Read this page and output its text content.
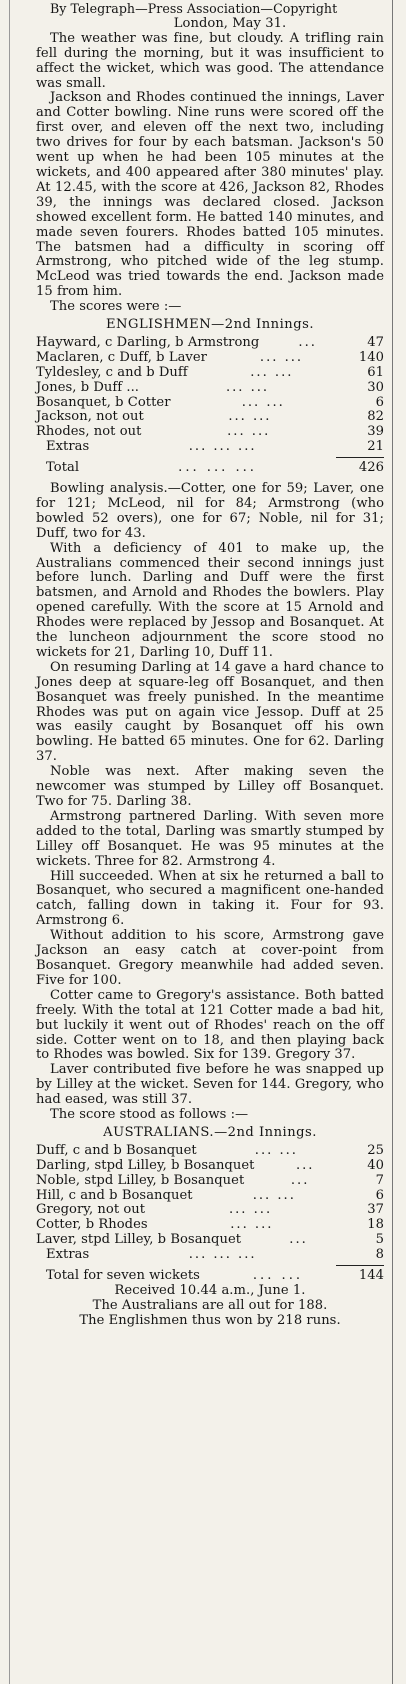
By Telegraph—Press Association—Copyright
London, May 31.

The weather was fine, but cloudy. A trifling rain fell during the morning, but it was insufficient to affect the wicket, which was good. The attendance was small.

Jackson and Rhodes continued the innings, Laver and Cotter bowling. Nine runs were scored off the first over, and eleven off the next two, including two drives for four by each batsman. Jackson's 50 went up when he had been 105 minutes at the wickets, and 400 appeared after 380 minutes' play. At 12.45, with the score at 426, Jackson 82, Rhodes 39, the innings was declared closed. Jackson showed excellent form. He batted 140 minutes, and made seven fourers. Rhodes batted 105 minutes. The batsmen had a difficulty in scoring off Armstrong, who pitched wide of the leg stump. McLeod was tried towards the end. Jackson made 15 from him.

The scores were :—

ENGLISHMEN—2nd Innings.
Hayward, c Darling, b Armstrong	...	47
Maclaren, c Duff, b Laver	... ...	140
Tyldesley, c and b Duff	... ...	61
Jones, b Duff ...	... ...	30
Bosanquet, b Cotter	... ...	6
Jackson, not out	... ...	82
Rhodes, not out	... ...	39
Extras	... ... ...	21
Total	... ... ...	426

Bowling analysis.—Cotter, one for 59; Laver, one for 121; McLeod, nil for 84; Armstrong (who bowled 52 overs), one for 67; Noble, nil for 31; Duff, two for 43.

With a deficiency of 401 to make up, the Australians commenced their second innings just before lunch. Darling and Duff were the first batsmen, and Arnold and Rhodes the bowlers. Play opened carefully. With the score at 15 Arnold and Rhodes were replaced by Jessop and Bosanquet. At the luncheon adjournment the score stood no wickets for 21, Darling 10, Duff 11.

On resuming Darling at 14 gave a hard chance to Jones deep at square-leg off Bosanquet, and then Bosanquet was freely punished. In the meantime Rhodes was put on again vice Jessop. Duff at 25 was easily caught by Bosanquet off his own bowling. He batted 65 minutes. One for 62. Darling 37.

Noble was next. After making seven the newcomer was stumped by Lilley off Bosanquet. Two for 75. Darling 38.

Armstrong partnered Darling. With seven more added to the total, Darling was smartly stumped by Lilley off Bosanquet. He was 95 minutes at the wickets. Three for 82. Armstrong 4.

Hill succeeded. When at six he returned a ball to Bosanquet, who secured a magnificent one-handed catch, falling down in taking it. Four for 93. Armstrong 6.

Without addition to his score, Armstrong gave Jackson an easy catch at cover-point from Bosanquet. Gregory meanwhile had added seven. Five for 100.

Cotter came to Gregory's assistance. Both batted freely. With the total at 121 Cotter made a bad hit, but luckily it went out of Rhodes' reach on the off side. Cotter went on to 18, and then playing back to Rhodes was bowled. Six for 139. Gregory 37.

Laver contributed five before he was snapped up by Lilley at the wicket. Seven for 144. Gregory, who had eased, was still 37.

The score stood as follows :—

AUSTRALIANS.—2nd Innings.
Duff, c and b Bosanquet	... ...	25
Darling, stpd Lilley, b Bosanquet	...	40
Noble, stpd Lilley, b Bosanquet	...	7
Hill, c and b Bosanquet	... ...	6
Gregory, not out	... ...	37
Cotter, b Rhodes	... ...	18
Laver, stpd Lilley, b Bosanquet	...	5
Extras	... ... ...	8
Total for seven wickets	... ...	144
Received 10.44 a.m., June 1.
The Australians are all out for 188.
The Englishmen thus won by 218 runs.
